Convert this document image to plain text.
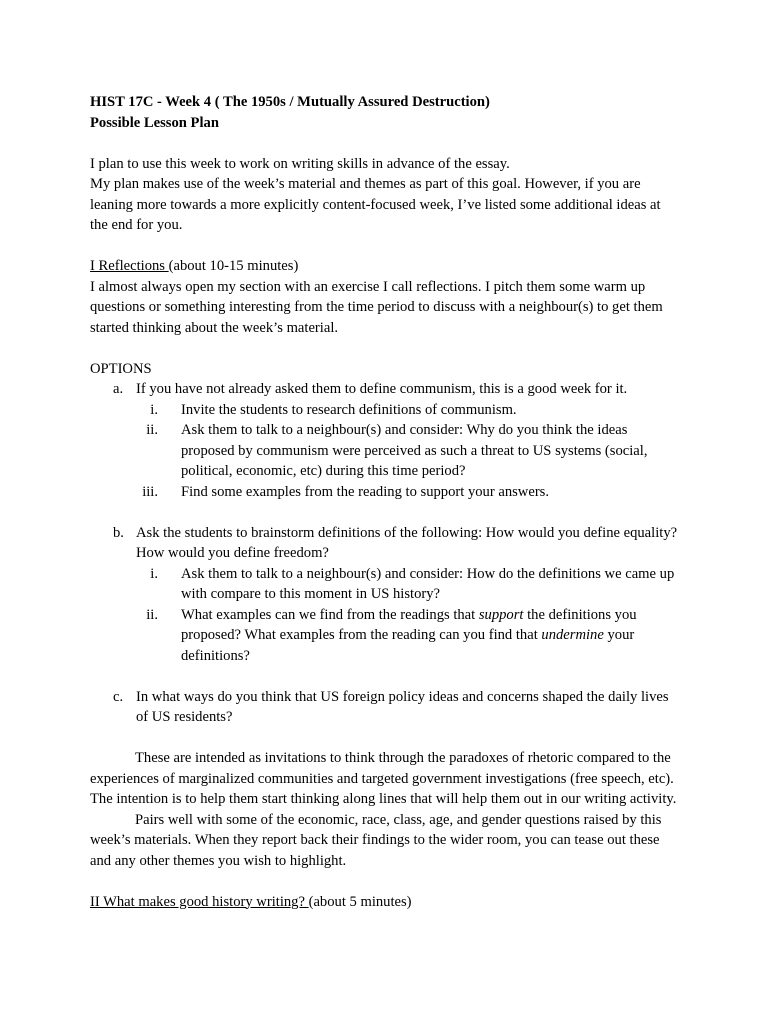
HIST 17C - Week 4 ( The 1950s / Mutually Assured Destruction)
Possible Lesson Plan
I plan to use this week to work on writing skills in advance of the essay.
My plan makes use of the week’s material and themes as part of this goal. However, if you are leaning more towards a more explicitly content-focused week, I’ve listed some additional ideas at the end for you.
I Reflections (about 10-15 minutes)
I almost always open my section with an exercise I call reflections. I pitch them some warm up questions or something interesting from the time period to discuss with a neighbour(s) to get them started thinking about the week’s material.
OPTIONS
a. If you have not already asked them to define communism, this is a good week for it.
i. Invite the students to research definitions of communism.
ii. Ask them to talk to a neighbour(s) and consider: Why do you think the ideas proposed by communism were perceived as such a threat to US systems (social, political, economic, etc) during this time period?
iii. Find some examples from the reading to support your answers.
b. Ask the students to brainstorm definitions of the following: How would you define equality? How would you define freedom?
i. Ask them to talk to a neighbour(s) and consider: How do the definitions we came up with compare to this moment in US history?
ii. What examples can we find from the readings that support the definitions you proposed? What examples from the reading can you find that undermine your definitions?
c. In what ways do you think that US foreign policy ideas and concerns shaped the daily lives of US residents?
These are intended as invitations to think through the paradoxes of rhetoric compared to the experiences of marginalized communities and targeted government investigations (free speech, etc). The intention is to help them start thinking along lines that will help them out in our writing activity.
Pairs well with some of the economic, race, class, age, and gender questions raised by this week’s materials. When they report back their findings to the wider room, you can tease out these and any other themes you wish to highlight.
II What makes good history writing? (about 5 minutes)
